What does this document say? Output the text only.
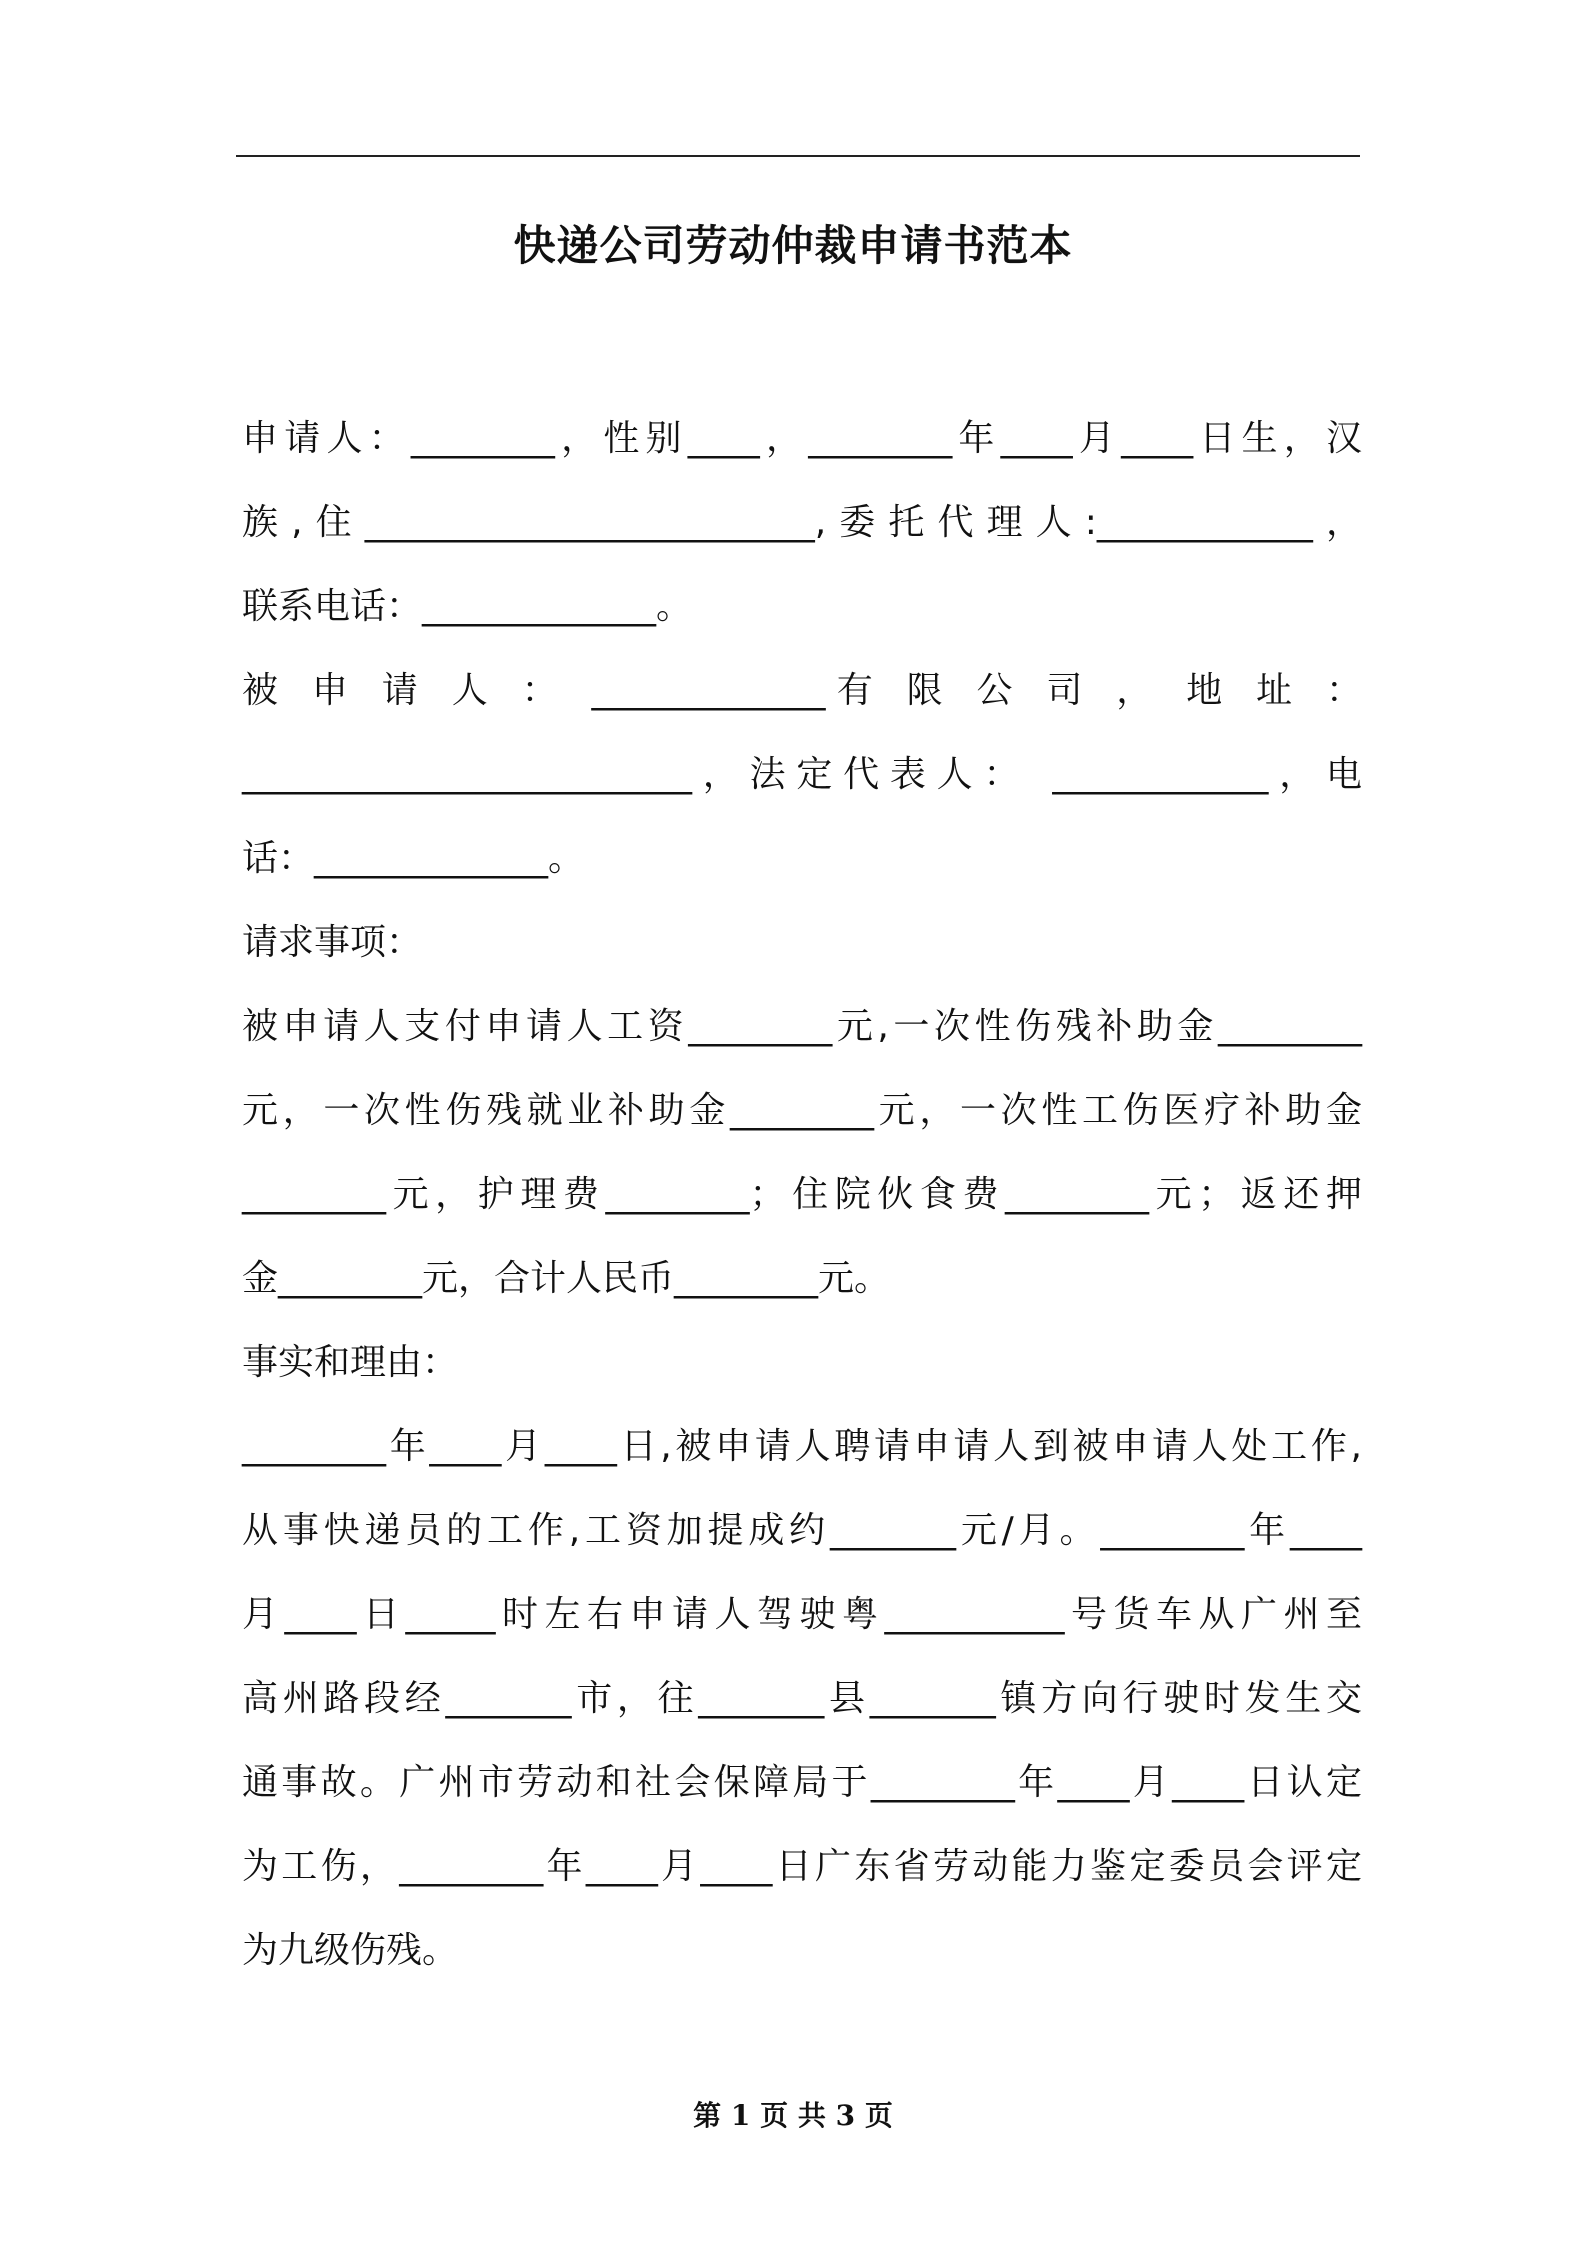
快递公司劳动仲裁申请书范本
申请人：________，性别____，________年____月____日生，汉
族,住_________________________,委托代理人:____________，
联系电话：_____________。
被 申 请 人 ： _____________有 限 公 司 ， 地 址 ：
_________________________，法定代表人： ____________，电
话：_____________。
请求事项：
被申请人支付申请人工资________元,一次性伤残补助金________
元，一次性伤残就业补助金________元，一次性工伤医疗补助金
________元，护理费________；住院伙食费________元；返还押
金________元，合计人民币________元。
事实和理由：
________年____月____日,被申请人聘请申请人到被申请人处工作,
从事快递员的工作,工资加提成约_______元/月。________年____
月____日_____时左右申请人驾驶粤__________号货车从广州至
高州路段经_______市，往_______县_______镇方向行驶时发生交
通事故。广州市劳动和社会保障局于________年____月____日认定
为工伤，________年____月____日广东省劳动能力鉴定委员会评定
为九级伤残。
第 1 页 共 3 页
